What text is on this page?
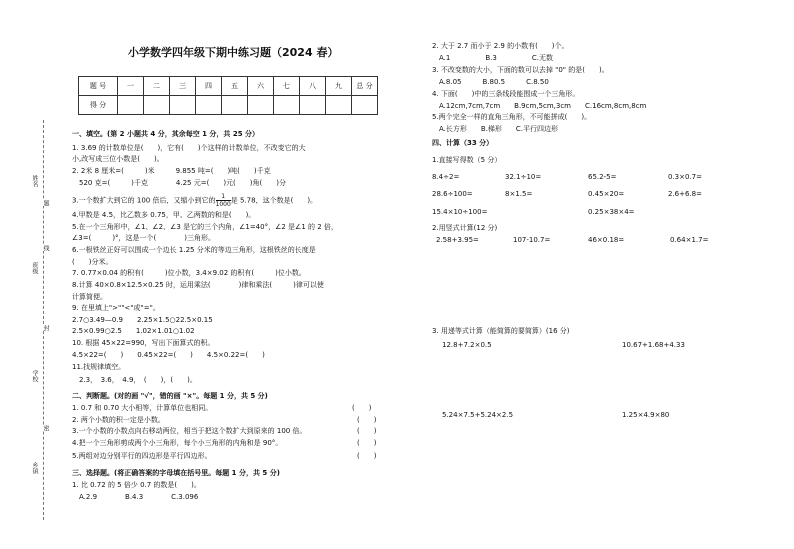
小学数学四年级下期中练习题（2024 春）
题 号	一	二	三	四	五	六	七	八	九	总 分
得 分										
姓名
班级
学校
乡镇
题
线
封
密
一、填空。(第 2 小题共 4 分，其余每空 1 分，共 25 分）
1. 3.69 的计数单位是(　　)，它有(　　)个这样的计数单位，不改变它的大
小,改写成三位小数是(　　)。
2. 2米 8 厘米=(　　　)米　　　9.855 吨=(　　)吨(　　)千克
　520 克=(　　　)千克　　　　4.25 元=(　　)元(　　)角(　　)分
3.一个数扩大到它的 100 倍后，又缩小到它的 $\frac{1}{1000}$ 是 5.78，这个数是(　　)。
4.甲数是 4.5，比乙数多 0.75，甲、乙两数的和是(　　)。
5.在一个三角形中，∠1、∠2、∠3 是它的三个内角，∠1=40°，∠2 是∠1 的 2 倍，
∠3=(　　　)°，这是一个(　　　　)三角形。
6.一根铁丝正好可以围成一个边长 1.25 分米的等边三角形，这根铁丝的长度是
(　　)分米。
7. 0.77×0.04 的积有(　　　)位小数，3.4×9.02 的积有(　　　)位小数。
8.计算 40×0.8×12.5×0.25 时，运用乘法(　　　　)律和乘法(　　　)律可以使
计算简便。
9. 在里填上">""<"或"="。
2.7○3.49—0.9　　2.25×1.5○22.5×0.15
2.5×0.99○2.5　　1.02×1.01○1.02
10. 根据 45×22=990，写出下面算式的积。
4.5×22=(　　)　　0.45×22=(　　)　　4.5×0.22=(　　)
11.找规律填空。
　2.3，　3.6，　4.9，　(　　)，(　　)。
二、判断题。(对的画 "√"，错的画 "×"。每题 1 分，共 5 分)
1. 0.7 和 0.70 大小相等，计算单位也相同。
2. 两个小数的积一定是小数。
3.一个小数的小数点向右移动两位，相当于把这个数扩大到原来的 100 倍。
4.把一个三角形剪成两个小三角形，每个小三角形的内角和是 90°。
5.两组对边分别平行的四边形是平行四边形。
三、选择题。(将正确答案的字母填在括号里。每题 1 分，共 5 分)
1. 比 0.72 的 5 倍少 0.7 的数是(　　)。
　A.2.9　　　　B.4.3　　　　C.3.096
(　　)
(　　)
(　　)
(　　)
(　　)
2. 大于 2.7 而小于 2.9 的小数有(　　)个。
　A.1　　　　　B.3　　　　　C.无数
3. 不改变数的大小，下面的数可以去掉 "0" 的是(　　)。
　A.8.05　　　B.80.5　　　C.8.50
4. 下面(　　)中的三条线段能围成一个三角形。
　A.12cm,7cm,7cm　　B.9cm,5cm,3cm　　C.16cm,8cm,8cm
5.两个完全一样的直角三角形，不可能拼成(　　)。
　A.长方形　　B.梯形　　C.平行四边形
四、计算（33 分）
1.直接写得数（5 分）
8.4÷2=	32.1÷10=	65.2-5=	0.3×0.7=
28.6÷100=	8×1.5=	0.45×20=	2.6+6.8=
15.4×10÷100=	0.25×38×4=
2.用竖式计算(12 分)
2.58+3.95=	107-10.7=	46×0.18=	0.64×1.7=
3. 用递等式计算（能简算的要简算）(16 分)
12.8+7.2×0.5	10.67+1.68+4.33
5.24×7.5+5.24×2.5	1.25×4.9×80
